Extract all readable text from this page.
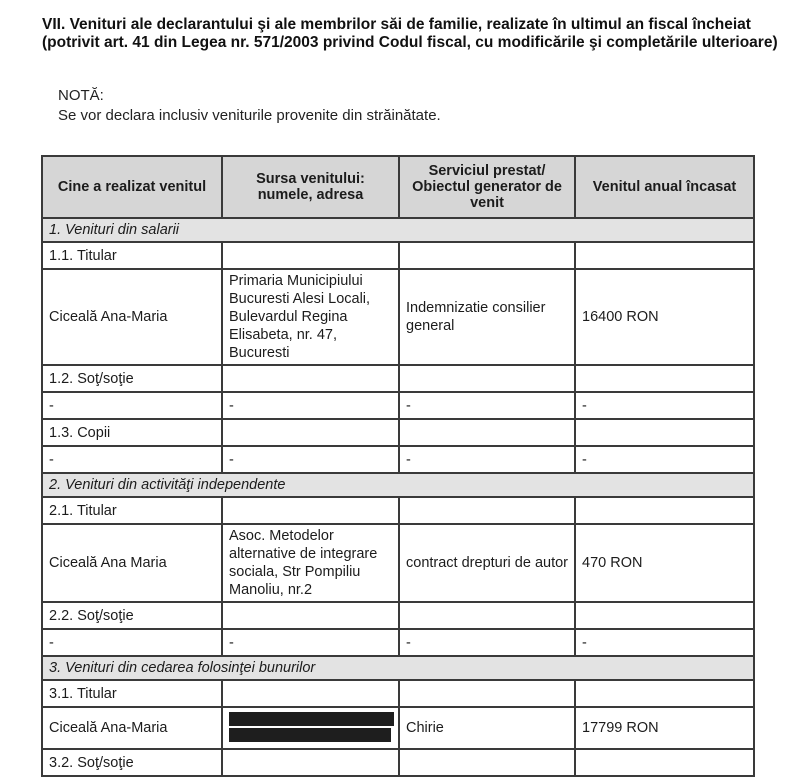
VII. Venituri ale declarantului şi ale membrilor săi de familie, realizate în ultimul an fiscal încheiat (potrivit art. 41 din Legea nr. 571/2003 privind Codul fiscal, cu modificările şi completările ulterioare)
NOTĂ:
Se vor declara inclusiv veniturile provenite din străinătate.
Cine a realizat venitul	Sursa venitului: numele, adresa	Serviciul prestat/ Obiectul generator de venit	Venitul anual încasat
1. Venituri din salarii			
1.1. Titular			
Ciceală Ana-Maria	Primaria Municipiului Bucuresti Alesi Locali, Bulevardul Regina Elisabeta, nr. 47, Bucuresti	Indemnizatie consilier general	16400 RON
1.2. Soţ/soţie			
-	-	-	-
1.3. Copii			
-	-	-	-
2. Venituri din activităţi independente			
2.1. Titular			
Ciceală Ana Maria	Asoc. Metodelor alternative de integrare sociala, Str Pompiliu Manoliu, nr.2	contract drepturi de autor	470 RON
2.2. Soţ/soţie			
-	-	-	-
3. Venituri din cedarea folosinţei bunurilor			
3.1. Titular			
Ciceală Ana-Maria		Chirie	17799 RON
3.2. Soţ/soţie			
